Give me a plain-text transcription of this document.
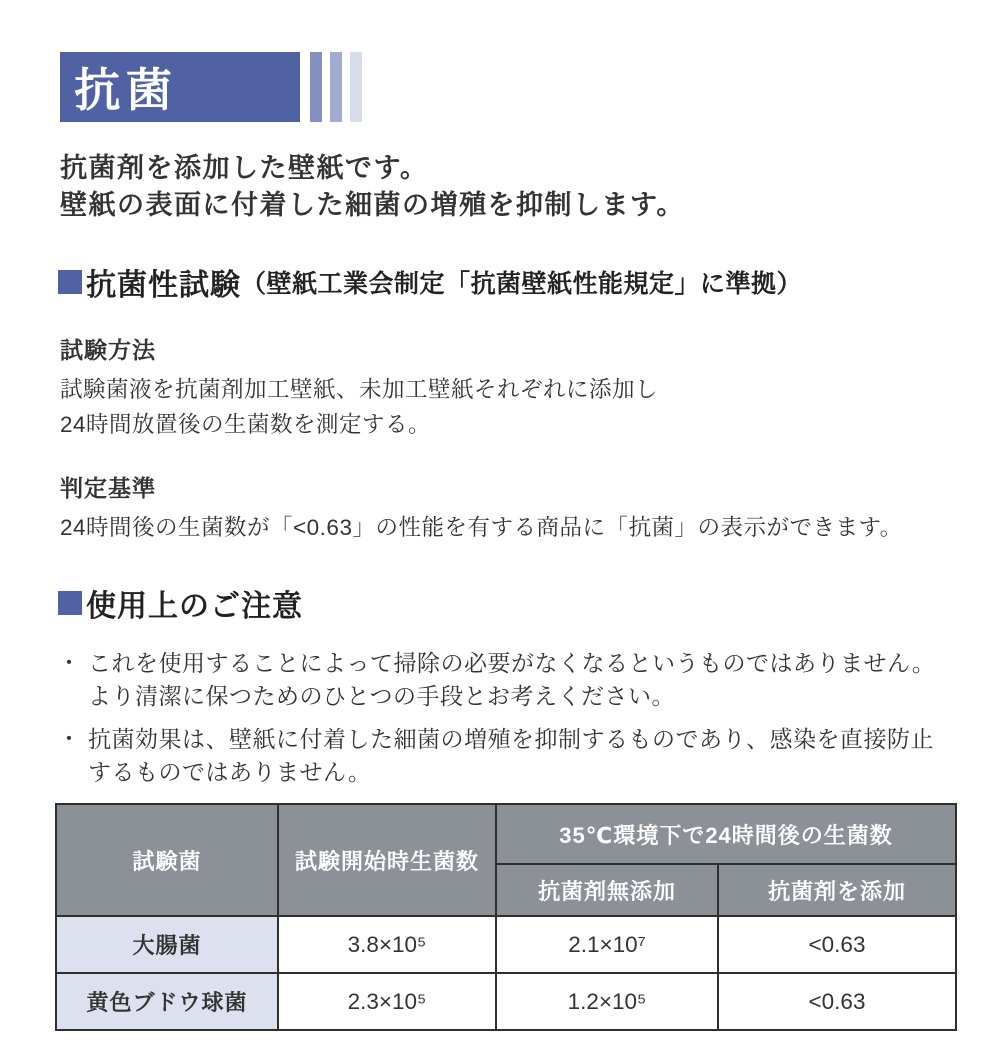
抗菌
抗菌剤を添加した壁紙です。
壁紙の表面に付着した細菌の増殖を抑制します。
抗菌性試験 （壁紙工業会制定「抗菌壁紙性能規定」に準拠）
試験方法
試験菌液を抗菌剤加工壁紙、未加工壁紙それぞれに添加し
24時間放置後の生菌数を測定する。
判定基準
24時間後の生菌数が「<0.63」の性能を有する商品に「抗菌」の表示ができます。
使用上のご注意
・ これを使用することによって掃除の必要がなくなるというものではありません。より清潔に保つためのひとつの手段とお考えください。
・ 抗菌効果は、壁紙に付着した細菌の増殖を抑制するものであり、感染を直接防止するものではありません。
試験菌	試験開始時生菌数	35℃環境下で24時間後の生菌数	
		抗菌剤無添加	抗菌剤を添加
大腸菌	3.8×10⁵	2.1×10⁷	<0.63
黄色ブドウ球菌	2.3×10⁵	1.2×10⁵	<0.63
